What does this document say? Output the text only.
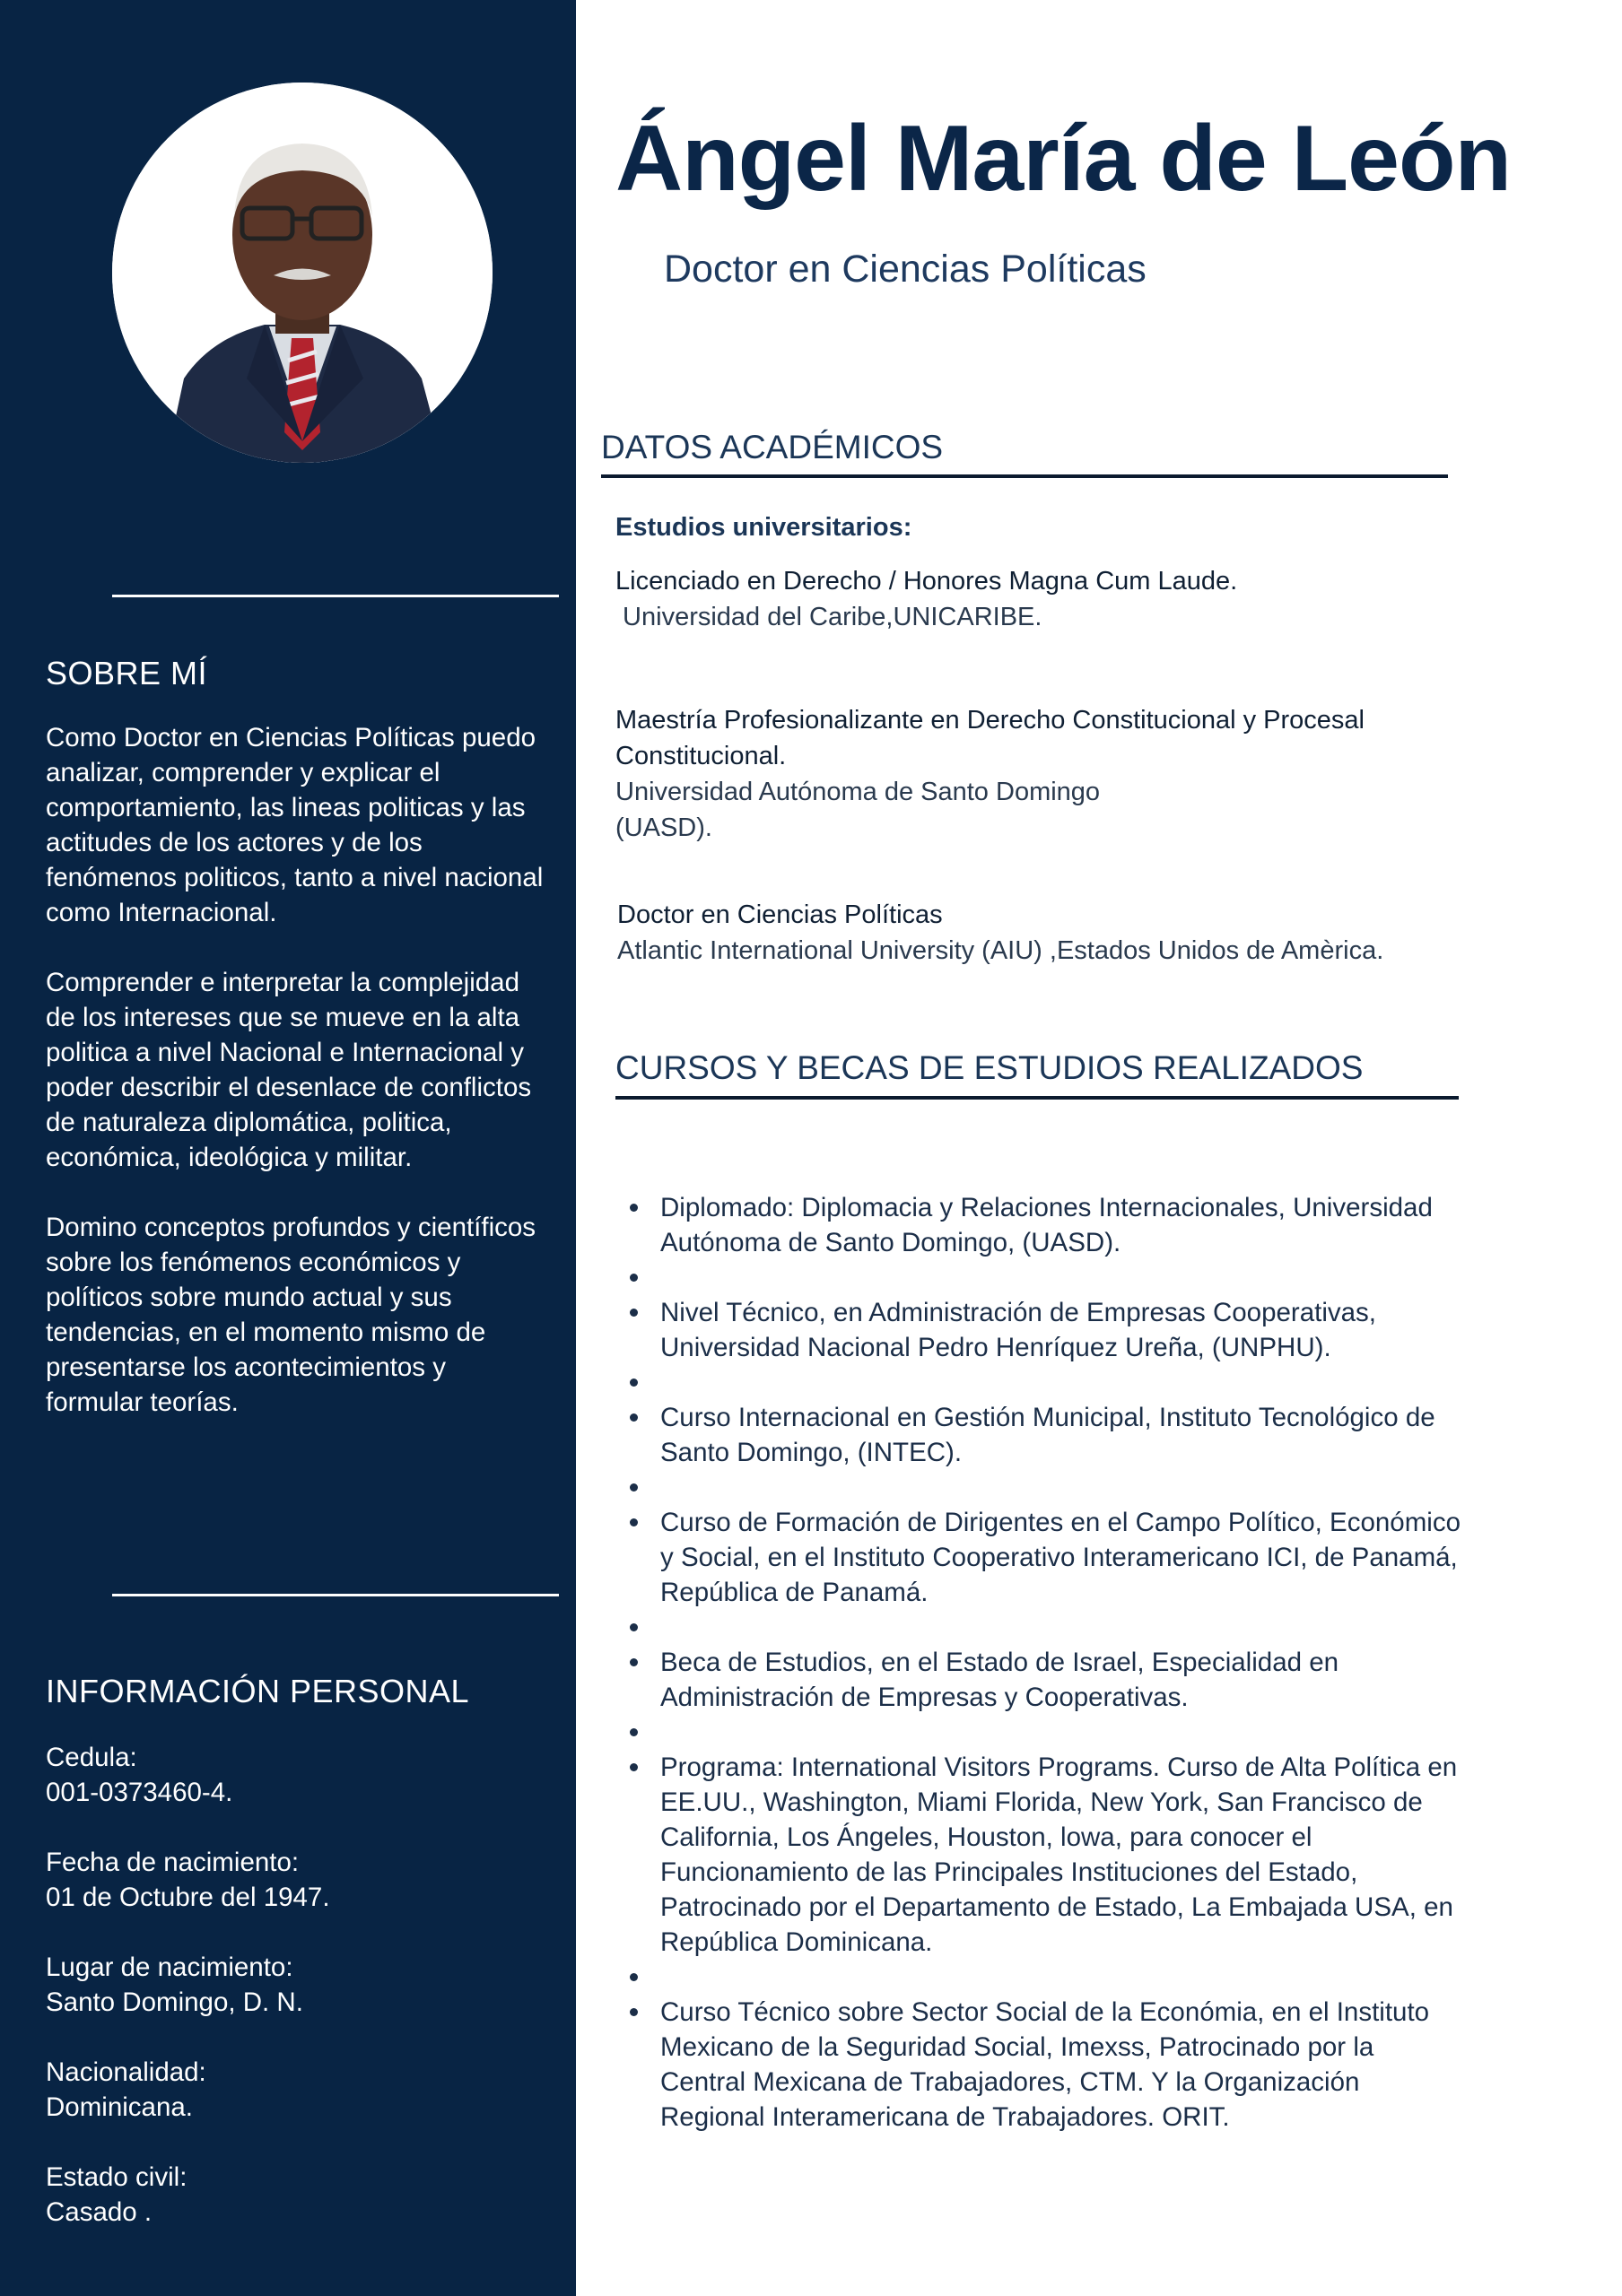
SOBRE MÍ

Como Doctor en Ciencias Políticas puedo analizar, comprender y explicar el comportamiento, las lineas politicas y las actitudes de los actores y de los fenómenos politicos, tanto a nivel nacional como Internacional.

Comprender e interpretar la complejidad de los intereses que se mueve en la alta politica a nivel Nacional e Internacional y poder describir el desenlace de conflictos de naturaleza diplomática, politica, económica, ideológica y militar.

Domino conceptos profundos y científicos sobre los fenómenos económicos y políticos sobre mundo actual y sus tendencias, en el momento mismo de presentarse los acontecimientos y formular teorías.

INFORMACIÓN PERSONAL
Cedula:
001-0373460-4.
Fecha de nacimiento:
01 de Octubre del 1947.
Lugar de nacimiento:
Santo Domingo, D. N.
Nacionalidad:
Dominicana.
Estado civil:
Casado .
Ángel María de León
Doctor en Ciencias Políticas
DATOS ACADÉMICOS
Estudios universitarios:
Licenciado en Derecho / Honores Magna Cum Laude.
Universidad del Caribe,UNICARIBE.
Maestría Profesionalizante en Derecho Constitucional y Procesal Constitucional.
Universidad Autónoma de Santo Domingo (UASD).
Doctor en Ciencias Políticas
Atlantic International University (AIU) ,Estados Unidos de Amèrica.
CURSOS Y BECAS DE ESTUDIOS REALIZADOS
Diplomado: Diplomacia y Relaciones Internacionales, Universidad Autónoma de Santo Domingo, (UASD).
Nivel Técnico, en Administración de Empresas Cooperativas, Universidad Nacional Pedro Henríquez Ureña, (UNPHU).
Curso Internacional en Gestión Municipal, Instituto Tecnológico de Santo Domingo, (INTEC).
Curso de Formación de Dirigentes en el Campo Político, Económico y Social, en el Instituto Cooperativo Interamericano ICI, de Panamá, República de Panamá.
Beca de Estudios, en el Estado de Israel, Especialidad en Administración de Empresas y Cooperativas.
Programa: International Visitors Programs. Curso de Alta Política en EE.UU., Washington, Miami Florida, New York, San Francisco de California, Los Ángeles, Houston, lowa, para conocer el Funcionamiento de las Principales Instituciones del Estado, Patrocinado por el Departamento de Estado, La Embajada USA, en República Dominicana.
Curso Técnico sobre Sector Social de la Económia, en el Instituto Mexicano de la Seguridad Social, Imexss, Patrocinado por la Central Mexicana de Trabajadores, CTM. Y la Organización Regional Interamericana de Trabajadores. ORIT.
